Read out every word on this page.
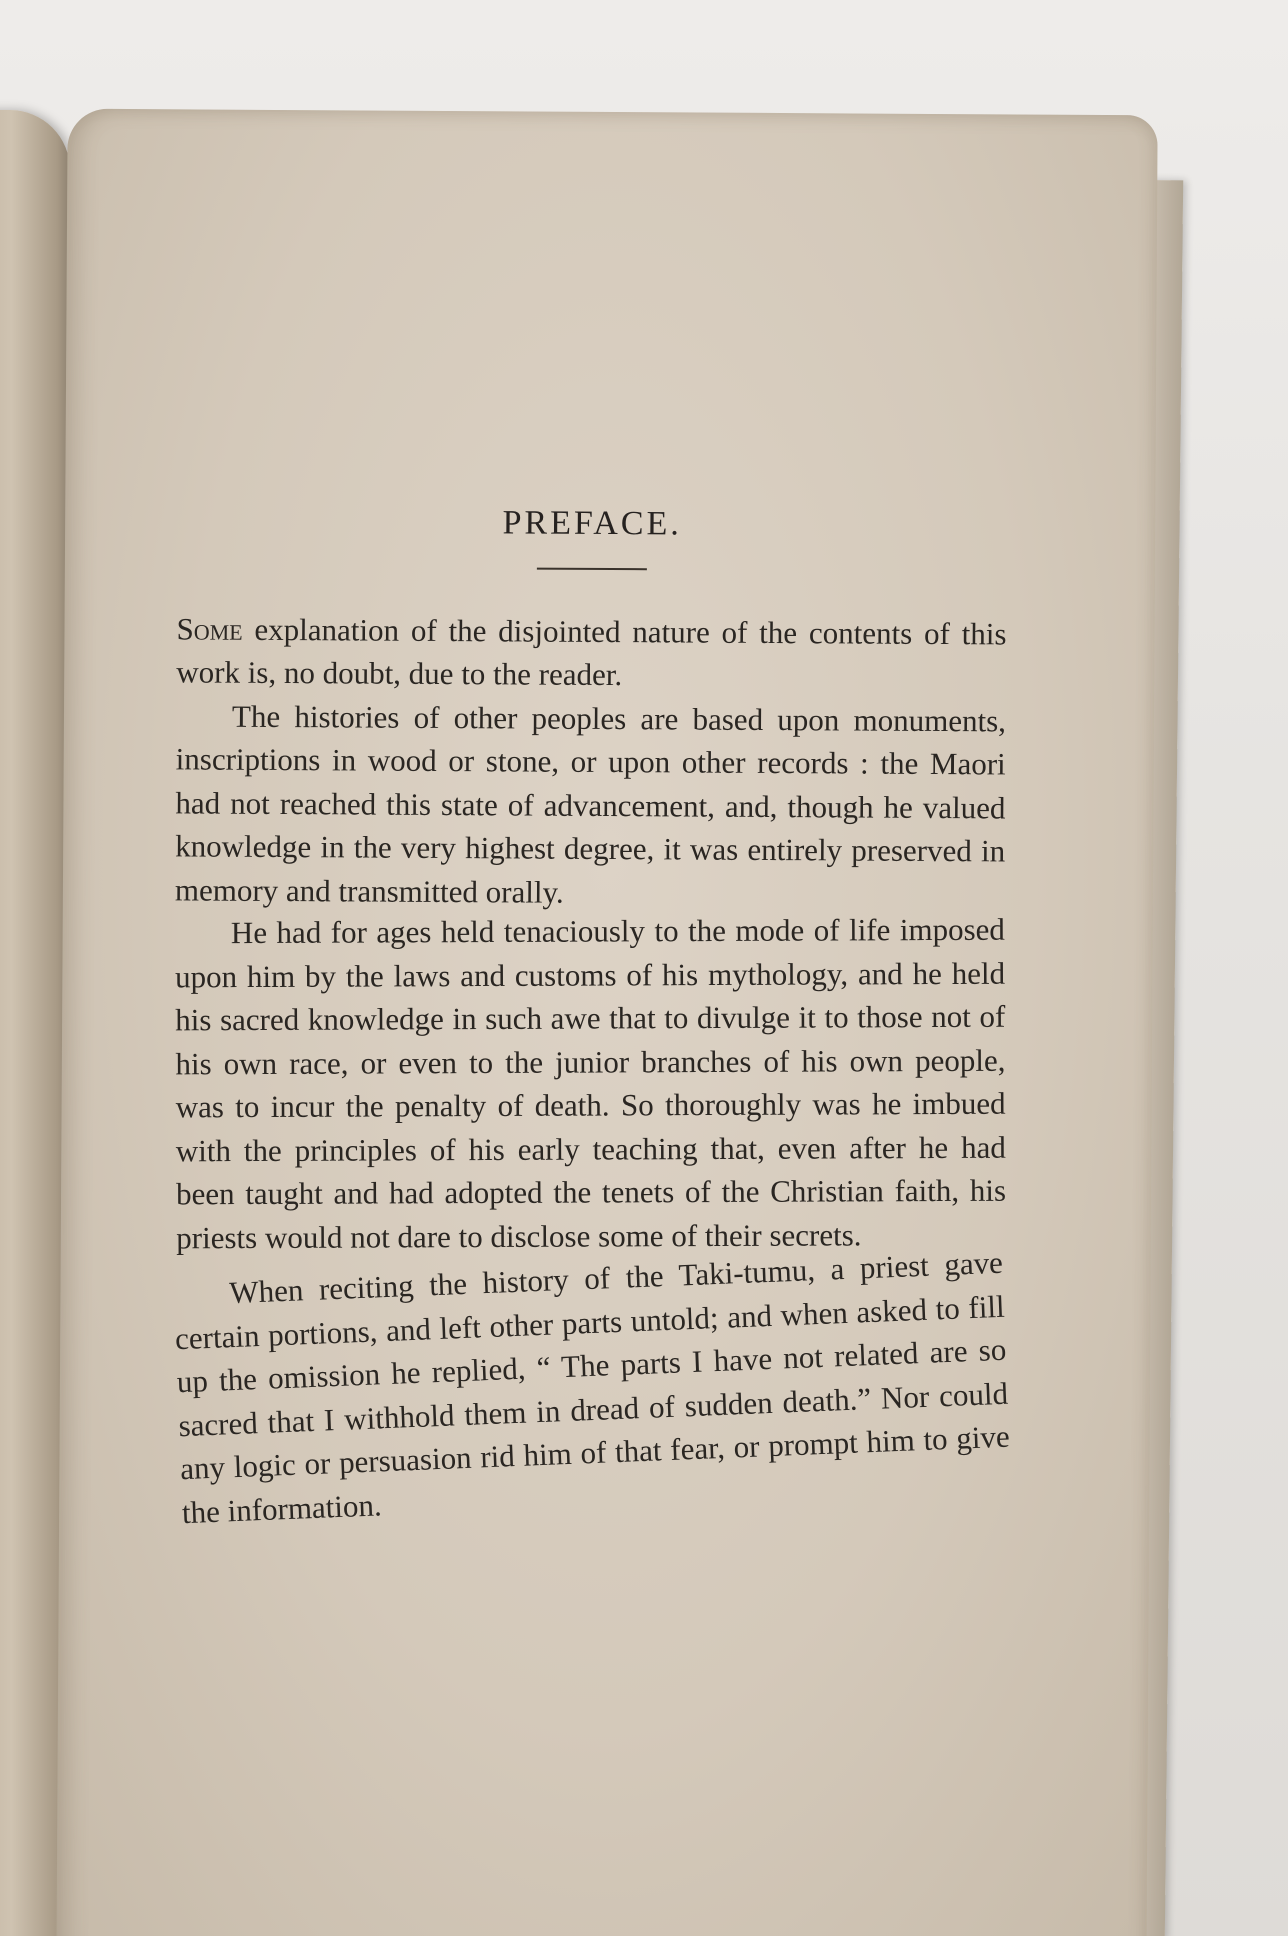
PREFACE.

Some explanation of the disjointed nature of the contents of this work is, no doubt, due to the reader.

The histories of other peoples are based upon monuments, inscriptions in wood or stone, or upon other records : the Maori had not reached this state of advancement, and, though he valued knowledge in the very highest degree, it was entirely preserved in memory and transmitted orally.

He had for ages held tenaciously to the mode of life imposed upon him by the laws and customs of his mythology, and he held his sacred knowledge in such awe that to divulge it to those not of his own race, or even to the junior branches of his own people, was to incur the penalty of death. So thoroughly was he imbued with the principles of his early teaching that, even after he had been taught and had adopted the tenets of the Christian faith, his priests would not dare to disclose some of their secrets.

When reciting the history of the Taki-tumu, a priest gave certain portions, and left other parts untold; and when asked to fill up the omission he replied, “ The parts I have not related are so sacred that I withhold them in dread of sudden death.” Nor could any logic or persuasion rid him of that fear, or prompt him to give the information.
